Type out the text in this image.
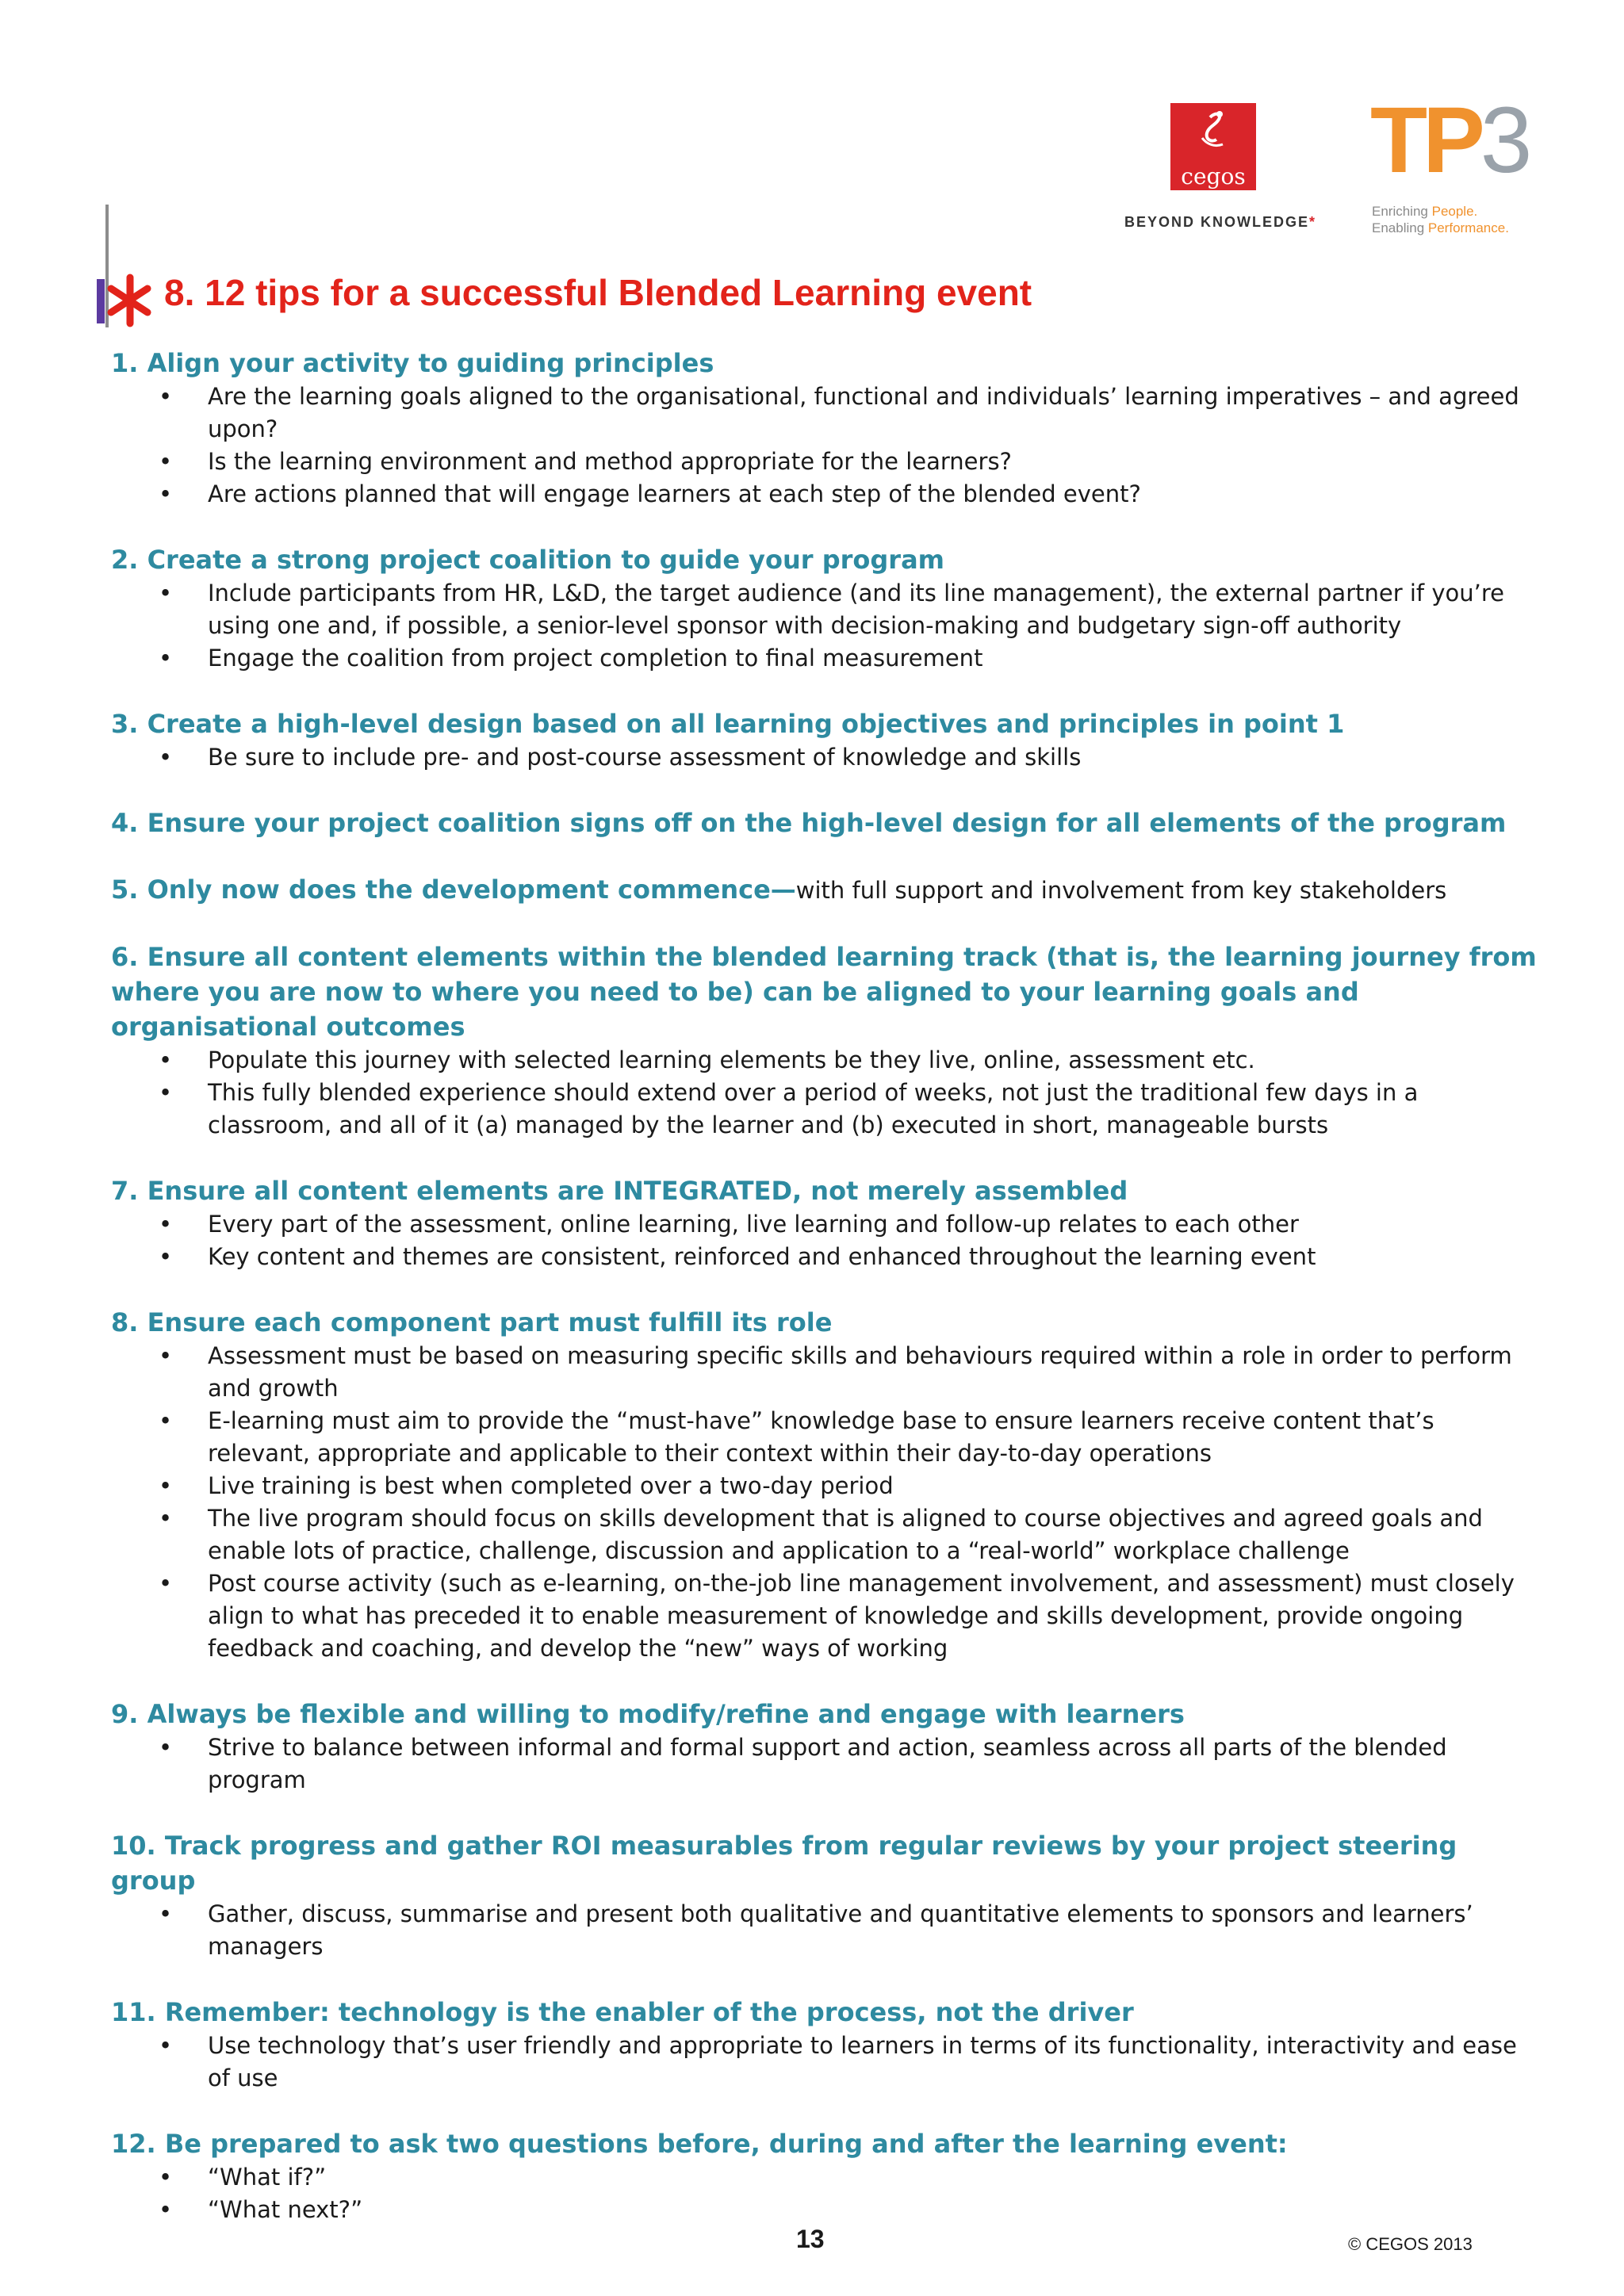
cegos
BEYOND KNOWLEDGE*
TP3
Enriching People.
Enabling Performance.
8. 12 tips for a successful Blended Learning event
1. Align your activity to guiding principles
• Are the learning goals aligned to the organisational, functional and individuals’ learning imperatives – and agreed upon?
• Is the learning environment and method appropriate for the learners?
• Are actions planned that will engage learners at each step of the blended event?
2. Create a strong project coalition to guide your program
• Include participants from HR, L&D, the target audience (and its line management), the external partner if you’re using one and, if possible, a senior-level sponsor with decision-making and budgetary sign-off authority
• Engage the coalition from project completion to final measurement
3. Create a high-level design based on all learning objectives and principles in point 1
• Be sure to include pre- and post-course assessment of knowledge and skills
4. Ensure your project coalition signs off on the high-level design for all elements of the program
5. Only now does the development commence—with full support and involvement from key stakeholders
6. Ensure all content elements within the blended learning track (that is, the learning journey from where you are now to where you need to be) can be aligned to your learning goals and organisational outcomes
• Populate this journey with selected learning elements be they live, online, assessment etc.
• This fully blended experience should extend over a period of weeks, not just the traditional few days in a classroom, and all of it (a) managed by the learner and (b) executed in short, manageable bursts
7. Ensure all content elements are INTEGRATED, not merely assembled
• Every part of the assessment, online learning, live learning and follow-up relates to each other
• Key content and themes are consistent, reinforced and enhanced throughout the learning event
8. Ensure each component part must fulfill its role
• Assessment must be based on measuring specific skills and behaviours required within a role in order to perform and growth
• E-learning must aim to provide the “must-have” knowledge base to ensure learners receive content that’s relevant, appropriate and applicable to their context within their day-to-day operations
• Live training is best when completed over a two-day period
• The live program should focus on skills development that is aligned to course objectives and agreed goals and enable lots of practice, challenge, discussion and application to a “real-world” workplace challenge
• Post course activity (such as e-learning, on-the-job line management involvement, and assessment) must closely align to what has preceded it to enable measurement of knowledge and skills development, provide ongoing feedback and coaching, and develop the “new” ways of working
9. Always be flexible and willing to modify/refine and engage with learners
• Strive to balance between informal and formal support and action, seamless across all parts of the blended program
10. Track progress and gather ROI measurables from regular reviews by your project steering group
• Gather, discuss, summarise and present both qualitative and quantitative elements to sponsors and learners’ managers
11. Remember: technology is the enabler of the process, not the driver
• Use technology that’s user friendly and appropriate to learners in terms of its functionality, interactivity and ease of use
12. Be prepared to ask two questions before, during and after the learning event:
• “What if?”
• “What next?”
13	© CEGOS 2013
